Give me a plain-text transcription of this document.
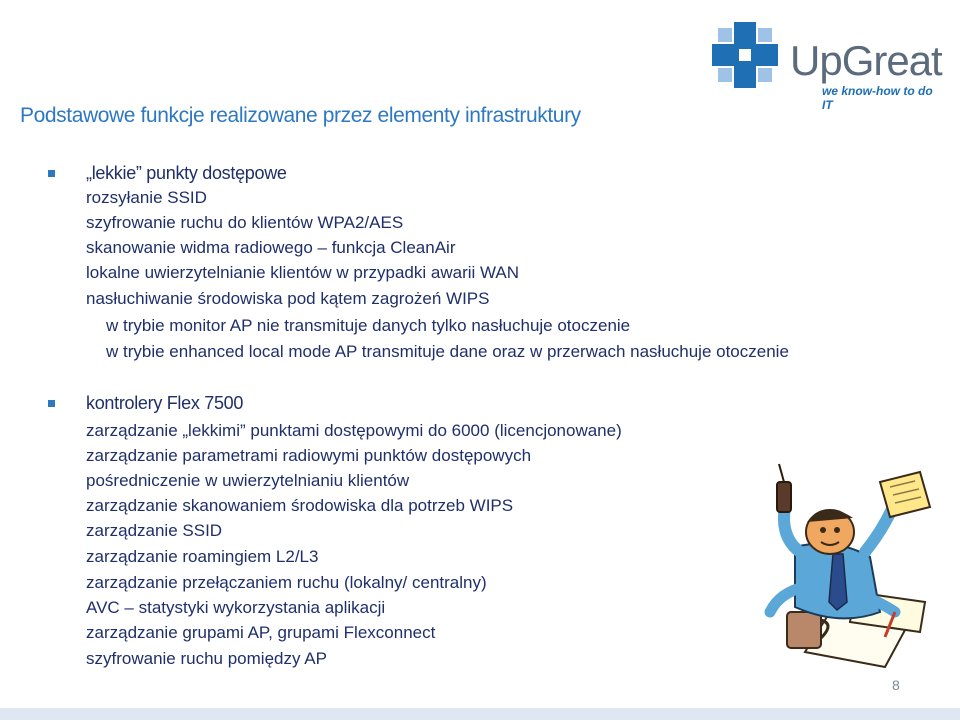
UpGreat
we know-how to do IT
Podstawowe funkcje realizowane przez elementy infrastruktury
„lekkie” punkty dostępowe
rozsyłanie SSID
szyfrowanie ruchu do klientów WPA2/AES
skanowanie widma radiowego – funkcja CleanAir
lokalne uwierzytelnianie klientów w przypadki awarii WAN
nasłuchiwanie środowiska pod kątem zagrożeń WIPS
w trybie monitor AP nie transmituje danych tylko nasłuchuje otoczenie
w trybie enhanced local mode AP transmituje dane oraz w przerwach nasłuchuje otoczenie
kontrolery Flex 7500
zarządzanie „lekkimi” punktami dostępowymi do 6000 (licencjonowane)
zarządzanie parametrami radiowymi punktów dostępowych
pośredniczenie w uwierzytelnianiu klientów
zarządzanie skanowaniem środowiska dla potrzeb WIPS
zarządzanie SSID
zarządzanie roamingiem L2/L3
zarządzanie przełączaniem ruchu (lokalny/ centralny)
AVC – statystyki wykorzystania aplikacji
zarządzanie grupami AP, grupami Flexconnect
szyfrowanie ruchu pomiędzy AP
8
